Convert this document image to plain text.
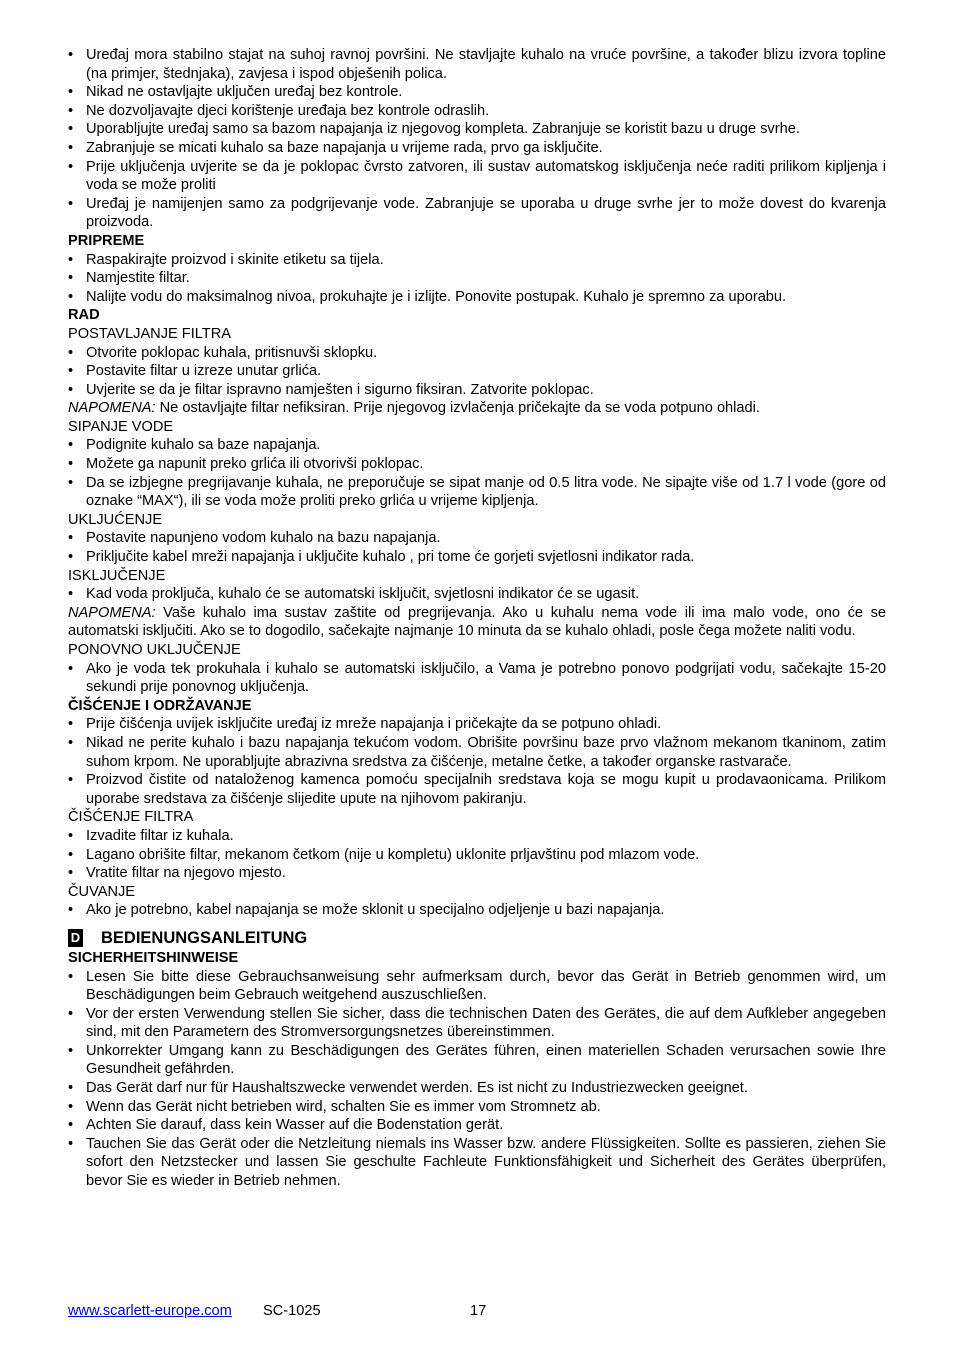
• Uređaj mora stabilno stajat na suhoj ravnoj površini. Ne stavljajte kuhalo na vruće površine, a također blizu izvora topline (na primjer, štednjaka), zavjesa i ispod obješenih polica.
• Nikad ne ostavljajte uključen uređaj bez kontrole.
• Ne dozvoljavajte djeci korištenje uređaja bez kontrole odraslih.
• Uporabljujte uređaj samo sa bazom napajanja iz njegovog kompleta. Zabranjuje se koristit bazu u druge svrhe.
• Zabranjuje se micati kuhalo sa baze napajanja u vrijeme rada, prvo ga isključite.
• Prije uključenja uvjerite se da je poklopac čvrsto zatvoren, ili sustav automatskog isključenja neće raditi prilikom kipljenja i voda se može proliti
• Uređaj je namijenjen samo za podgrijevanje vode. Zabranjuje se uporaba u druge svrhe jer to može dovest do kvarenja proizvoda.
PRIPREME
• Raspakirajte proizvod i skinite etiketu sa tijela.
• Namjestite filtar.
• Nalijte vodu do maksimalnog nivoa, prokuhajte je i izlijte. Ponovite postupak. Kuhalo je spremno za uporabu.
RAD
POSTAVLJANJE FILTRA
• Otvorite poklopac kuhala, pritisnuvši sklopku.
• Postavite filtar u izreze unutar grlića.
• Uvjerite se da je filtar ispravno namješten i sigurno fiksiran. Zatvorite poklopac.
NAPOMENA: Ne ostavljajte filtar nefiksiran. Prije njegovog izvlačenja pričekajte da se voda potpuno ohladi.
SIPANJE VODE
• Podignite kuhalo sa baze napajanja.
• Možete ga napunit preko grlića ili otvorivši poklopac.
• Da se izbjegne pregrijavanje kuhala, ne preporučuje se sipat manje od 0.5 litra vode. Ne sipajte više od 1.7 l vode (gore od oznake “MAX“), ili se voda može proliti preko grlića u vrijeme kipljenja.
UKLJUĆENJE
• Postavite napunjeno vodom kuhalo na bazu napajanja.
• Priključite kabel mreži napajanja i uključite kuhalo , pri tome će gorjeti svjetlosni indikator rada.
ISKLJUČENJE
• Kad voda proključa, kuhalo će se automatski isključit, svjetlosni indikator će se ugasit.
NAPOMENA: Vaše kuhalo ima sustav zaštite od pregrijevanja. Ako u kuhalu nema vode ili ima malo vode, ono će se automatski isključiti. Ako se to dogodilo, sačekajte najmanje 10 minuta da se kuhalo ohladi, posle čega možete naliti vodu.
PONOVNO UKLJUČENJE
• Ako je voda tek prokuhala i kuhalo se automatski isključilo, a Vama je potrebno ponovo podgrijati vodu, sačekajte 15-20 sekundi prije ponovnog uključenja.
ČIŠĆENJE I ODRŽAVANJE
• Prije čišćenja uvijek isključite uređaj iz mreže napajanja i pričekajte da se potpuno ohladi.
• Nikad ne perite kuhalo i bazu napajanja tekućom vodom. Obrišite površinu baze prvo vlažnom mekanom tkaninom, zatim suhom krpom. Ne uporabljujte abrazivna sredstva za čišćenje, metalne četke, a također organske rastvarače.
• Proizvod čistite od nataloženog kamenca pomoću specijalnih sredstava koja se mogu kupit u prodavaonicama. Prilikom uporabe sredstava za čišćenje slijedite upute na njihovom pakiranju.
ČIŠĆENJE FILTRA
• Izvadite filtar iz kuhala.
• Lagano obrišite filtar, mekanom četkom (nije u kompletu) uklonite prljavštinu pod mlazom vode.
• Vratite filtar na njegovo mjesto.
ČUVANJE
• Ako je potrebno, kabel napajanja se može sklonit u specijalno odjeljenje u bazi napajanja.
D BEDIENUNGSANLEITUNG
SICHERHEITSHINWEISE
• Lesen Sie bitte diese Gebrauchsanweisung sehr aufmerksam durch, bevor das Gerät in Betrieb genommen wird, um Beschädigungen beim Gebrauch weitgehend auszuschließen.
• Vor der ersten Verwendung stellen Sie sicher, dass die technischen Daten des Gerätes, die auf dem Aufkleber angegeben sind, mit den Parametern des Stromversorgungsnetzes übereinstimmen.
• Unkorrekter Umgang kann zu Beschädigungen des Gerätes führen, einen materiellen Schaden verursachen sowie Ihre Gesundheit gefährden.
• Das Gerät darf nur für Haushaltszwecke verwendet werden. Es ist nicht zu Industriezwecken geeignet.
• Wenn das Gerät nicht betrieben wird, schalten Sie es immer vom Stromnetz ab.
• Achten Sie darauf, dass kein Wasser auf die Bodenstation gerät.
• Tauchen Sie das Gerät oder die Netzleitung niemals ins Wasser bzw. andere Flüssigkeiten. Sollte es passieren, ziehen Sie sofort den Netzstecker und lassen Sie geschulte Fachleute Funktionsfähigkeit und Sicherheit des Gerätes überprüfen, bevor Sie es wieder in Betrieb nehmen.
www.scarlett-europe.com SC-1025	17
